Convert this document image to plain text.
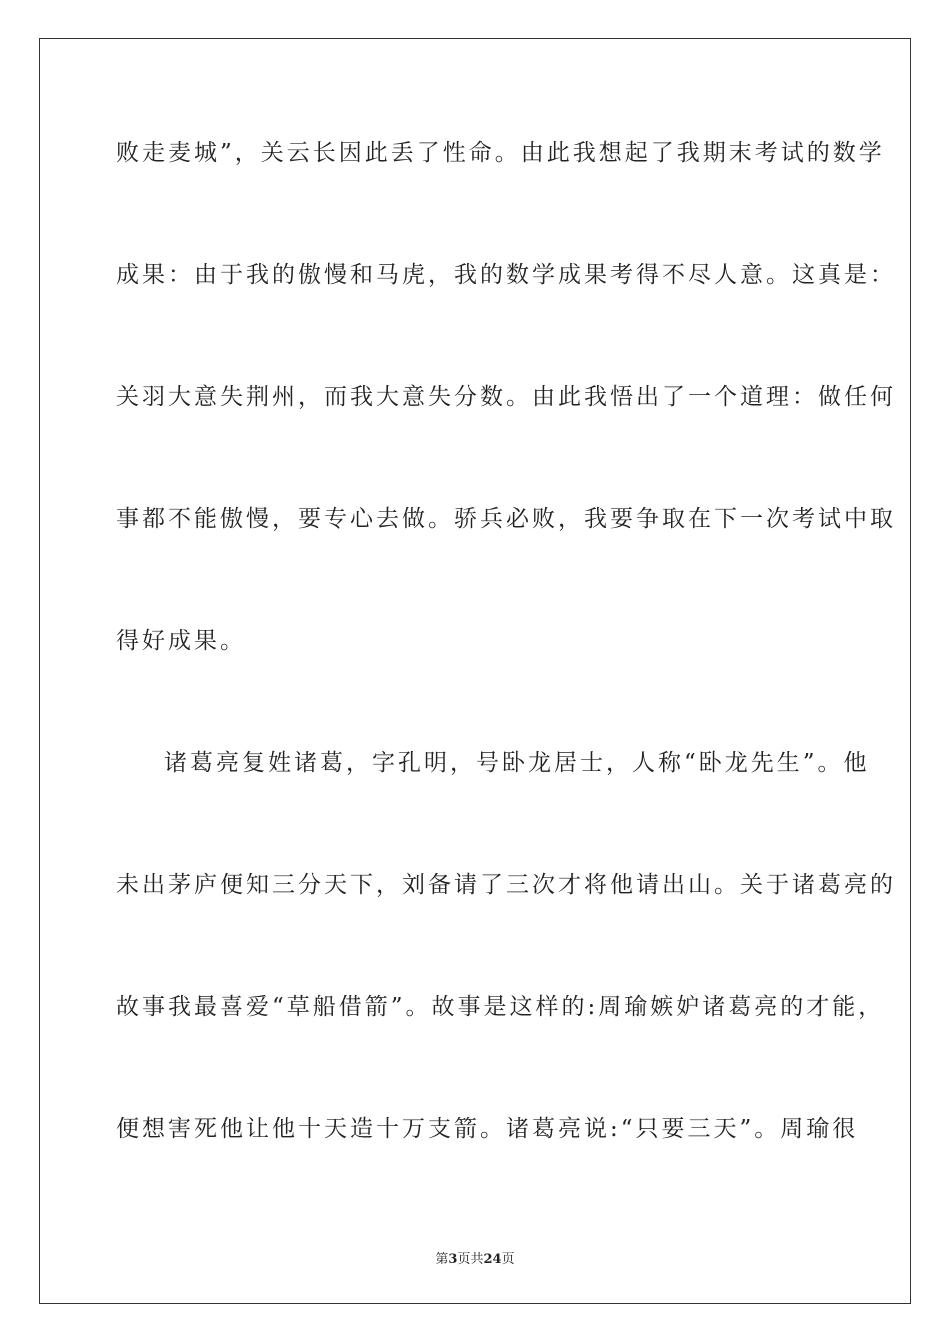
败走麦城”，关云长因此丢了性命。由此我想起了我期末考试的数学
成果：由于我的傲慢和马虎，我的数学成果考得不尽人意。这真是：
关羽大意失荆州，而我大意失分数。由此我悟出了一个道理：做任何
事都不能傲慢，要专心去做。骄兵必败，我要争取在下一次考试中取
得好成果。
诸葛亮复姓诸葛，字孔明，号卧龙居士，人称“卧龙先生”。他
未出茅庐便知三分天下，刘备请了三次才将他请出山。关于诸葛亮的
故事我最喜爱“草船借箭”。故事是这样的:周瑜嫉妒诸葛亮的才能，
便想害死他让他十天造十万支箭。诸葛亮说:“只要三天”。周瑜很
第3页共24页
